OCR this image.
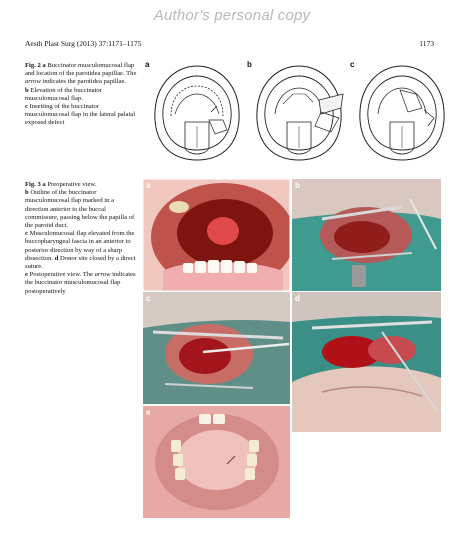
Author's personal copy
Aesth Plast Surg (2013) 37:1171–1175	1173
Fig. 2 a Buccinator musculomucosal flap and location of the parotidea papillae. The arrow indicates the parotidea papillae.
b Elevation of the buccinator musculomucosal flap.
c Insetting of the buccinator musculomucosal flap in the lateral palatal exposed defect
a	b	c
Fig. 3 a Preoperative view.
b Outline of the buccinator musculomucosal flap marked in a direction anterior to the buccal commissure, passing below the papilla of the parotid duct.
c Musculomucosal flap elevated from the buccopharyngeal fascia in an anterior to posterior direction by way of a sharp dissection. d Donor site closed by a direct suture.
e Postoperative view. The arrow indicates the buccinator musculomucosal flap postoperatively
a	b
c	d
e
